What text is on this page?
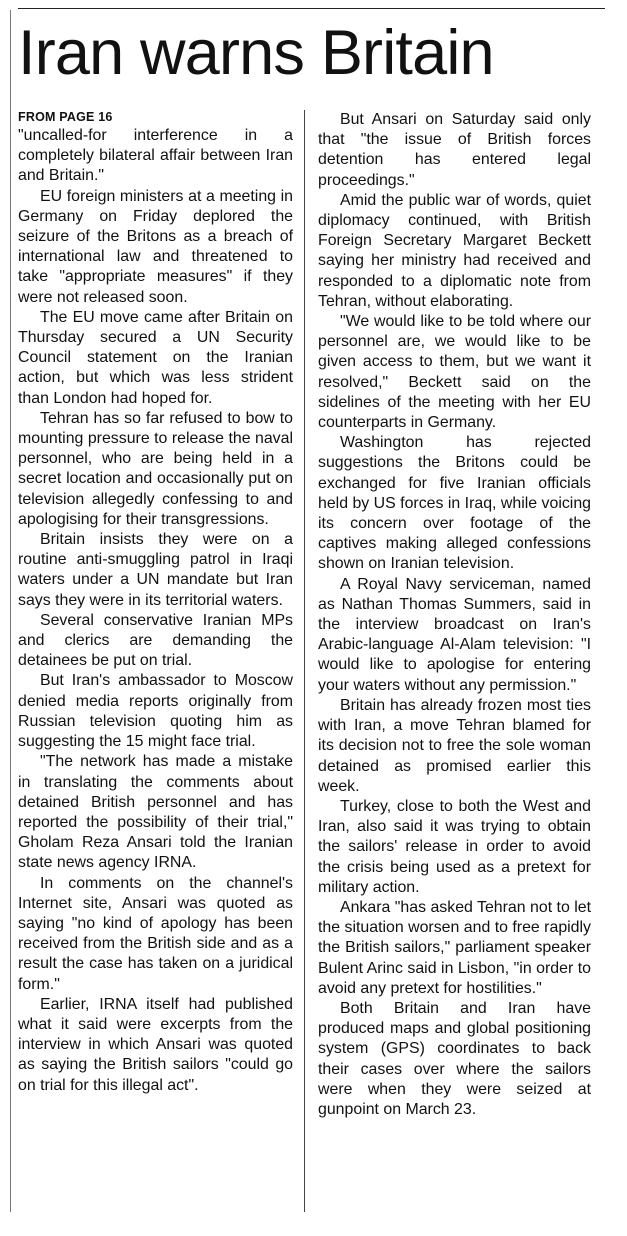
Iran warns Britain
FROM PAGE 16

"uncalled-for interference in a completely bilateral affair between Iran and Britain."

EU foreign ministers at a meeting in Germany on Friday deplored the seizure of the Britons as a breach of international law and threatened to take "appropriate measures" if they were not released soon.

The EU move came after Britain on Thursday secured a UN Security Council statement on the Iranian action, but which was less strident than London had hoped for.

Tehran has so far refused to bow to mounting pressure to release the naval personnel, who are being held in a secret location and occasionally put on television allegedly confessing to and apologising for their transgressions.

Britain insists they were on a routine anti-smuggling patrol in Iraqi waters under a UN mandate but Iran says they were in its territorial waters.

Several conservative Iranian MPs and clerics are demanding the detainees be put on trial.

But Iran's ambassador to Moscow denied media reports originally from Russian television quoting him as suggesting the 15 might face trial.

"The network has made a mistake in translating the comments about detained British personnel and has reported the possibility of their trial," Gholam Reza Ansari told the Iranian state news agency IRNA.

In comments on the channel's Internet site, Ansari was quoted as saying "no kind of apology has been received from the British side and as a result the case has taken on a juridical form."

Earlier, IRNA itself had published what it said were excerpts from the interview in which Ansari was quoted as saying the British sailors "could go on trial for this illegal act".

But Ansari on Saturday said only that "the issue of British forces detention has entered legal proceedings."

Amid the public war of words, quiet diplomacy continued, with British Foreign Secretary Margaret Beckett saying her ministry had received and responded to a diplomatic note from Tehran, without elaborating.

"We would like to be told where our personnel are, we would like to be given access to them, but we want it resolved," Beckett said on the sidelines of the meeting with her EU counterparts in Germany.

Washington has rejected suggestions the Britons could be exchanged for five Iranian officials held by US forces in Iraq, while voicing its concern over footage of the captives making alleged confessions shown on Iranian television.

A Royal Navy serviceman, named as Nathan Thomas Summers, said in the interview broadcast on Iran's Arabic-language Al-Alam television: "I would like to apologise for entering your waters without any permission."

Britain has already frozen most ties with Iran, a move Tehran blamed for its decision not to free the sole woman detained as promised earlier this week.

Turkey, close to both the West and Iran, also said it was trying to obtain the sailors' release in order to avoid the crisis being used as a pretext for military action.

Ankara "has asked Tehran not to let the situation worsen and to free rapidly the British sailors," parliament speaker Bulent Arinc said in Lisbon, "in order to avoid any pretext for hostilities."

Both Britain and Iran have produced maps and global positioning system (GPS) coordinates to back their cases over where the sailors were when they were seized at gunpoint on March 23.
